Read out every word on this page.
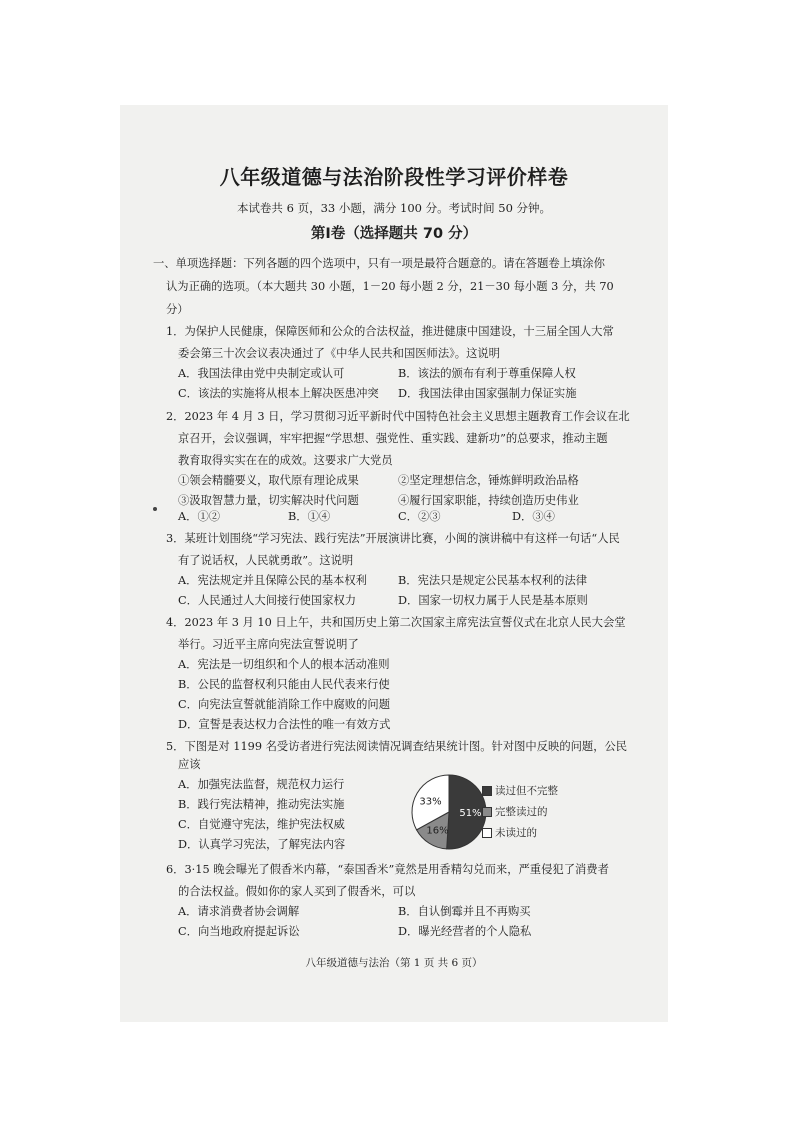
八年级道德与法治阶段性学习评价样卷
本试卷共 6 页，33 小题，满分 100 分。考试时间 50 分钟。
第Ⅰ卷（选择题共 70 分）
一、单项选择题：下列各题的四个选项中，只有一项是最符合题意的。请在答题卷上填涂你
认为正确的选项。（本大题共 30 小题，1－20 每小题 2 分，21－30 每小题 3 分，共 70
分）
1．为保护人民健康，保障医师和公众的合法权益，推进健康中国建设，十三届全国人大常
委会第三十次会议表决通过了《中华人民共和国医师法》。这说明
A．我国法律由党中央制定或认可	B．该法的颁布有利于尊重保障人权
C．该法的实施将从根本上解决医患冲突 D．我国法律由国家强制力保证实施
2．2023 年 4 月 3 日，学习贯彻习近平新时代中国特色社会主义思想主题教育工作会议在北
京召开，会议强调，牢牢把握“学思想、强党性、重实践、建新功”的总要求，推动主题
教育取得实实在在的成效。这要求广大党员
①领会精髓要义，取代原有理论成果	②坚定理想信念，锤炼鲜明政治品格
③汲取智慧力量，切实解决时代问题	④履行国家职能，持续创造历史伟业
A．①②	B．①④	C．②③	D．③④
3．某班计划围绕“学习宪法、践行宪法”开展演讲比赛，小闽的演讲稿中有这样一句话“人民
有了说话权，人民就勇敢”。这说明
A．宪法规定并且保障公民的基本权利	B．宪法只是规定公民基本权利的法律
C．人民通过人大间接行使国家权力	D．国家一切权力属于人民是基本原则
4．2023 年 3 月 10 日上午，共和国历史上第二次国家主席宪法宣誓仪式在北京人民大会堂
举行。习近平主席向宪法宣誓说明了
A．宪法是一切组织和个人的根本活动准则
B．公民的监督权利只能由人民代表来行使
C．向宪法宣誓就能消除工作中腐败的问题
D．宣誓是表达权力合法性的唯一有效方式
5．下图是对 1199 名受访者进行宪法阅读情况调查结果统计图。针对图中反映的问题，公民
应该
A．加强宪法监督，规范权力运行
B．践行宪法精神，推动宪法实施
C．自觉遵守宪法，维护宪法权威
D．认真学习宪法，了解宪法内容
51%
16%
33%
读过但不完整
完整读过的
未读过的
6．3·15 晚会曝光了假香米内幕，“泰国香米”竟然是用香精勾兑而来，严重侵犯了消费者
的合法权益。假如你的家人买到了假香米，可以
A．请求消费者协会调解	B．自认倒霉并且不再购买
C．向当地政府提起诉讼	D．曝光经营者的个人隐私
八年级道德与法治（第 1 页 共 6 页）
